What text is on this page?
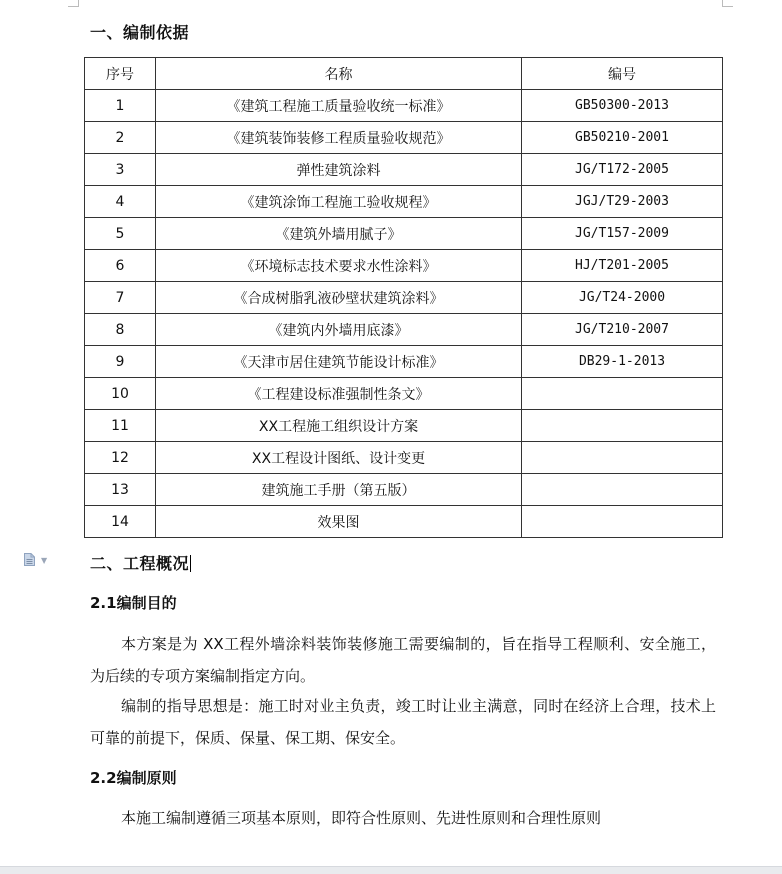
一、编制依据
序号	名称	编号
1	《建筑工程施工质量验收统一标准》	GB50300-2013
2	《建筑装饰装修工程质量验收规范》	GB50210-2001
3	弹性建筑涂料	JG/T172-2005
4	《建筑涂饰工程施工验收规程》	JGJ/T29-2003
5	《建筑外墙用腻子》	JG/T157-2009
6	《环境标志技术要求水性涂料》	HJ/T201-2005
7	《合成树脂乳液砂壁状建筑涂料》	JG/T24-2000
8	《建筑内外墙用底漆》	JG/T210-2007
9	《天津市居住建筑节能设计标准》	DB29-1-2013
10	《工程建设标准强制性条文》	
11	XX工程施工组织设计方案	
12	XX工程设计图纸、设计变更	
13	建筑施工手册（第五版）	
14	效果图	
▼	二、工程概况
2.1编制目的
本方案是为 XX工程外墙涂料装饰装修施工需要编制的，旨在指导工程顺利、安全施工，为后续的专项方案编制指定方向。
编制的指导思想是：施工时对业主负责，竣工时让业主满意，同时在经济上合理，技术上可靠的前提下，保质、保量、保工期、保安全。
2.2编制原则
本施工编制遵循三项基本原则，即符合性原则、先进性原则和合理性原则
